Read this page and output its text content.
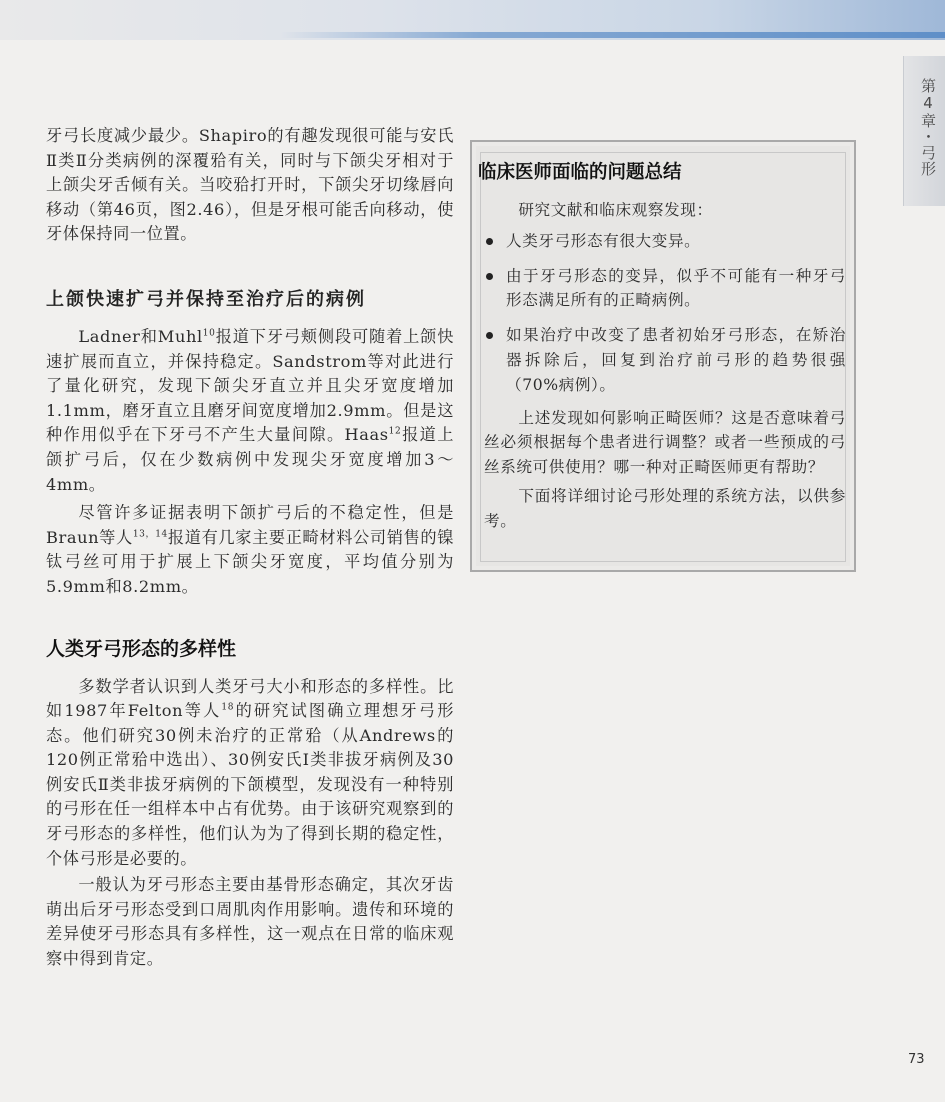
第4章・弓形

牙弓长度减少最少。Shapiro的有趣发现很可能与安氏Ⅱ类Ⅱ分类病例的深覆𬌗有关，同时与下颌尖牙相对于上颌尖牙舌倾有关。当咬𬌗打开时，下颌尖牙切缘唇向移动（第46页，图2.46），但是牙根可能舌向移动，使牙体保持同一位置。

上颌快速扩弓并保持至治疗后的病例

Ladner和Muhl$^{10}$报道下牙弓颊侧段可随着上颌快速扩展而直立，并保持稳定。Sandstrom等对此进行了量化研究，发现下颌尖牙直立并且尖牙宽度增加1.1mm，磨牙直立且磨牙间宽度增加2.9mm。但是这种作用似乎在下牙弓不产生大量间隙。Haas$^{12}$报道上颌扩弓后，仅在少数病例中发现尖牙宽度增加3～4mm。

尽管许多证据表明下颌扩弓后的不稳定性，但是Braun等人$^{13,14}$报道有几家主要正畸材料公司销售的镍钛弓丝可用于扩展上下颌尖牙宽度，平均值分别为5.9mm和8.2mm。

人类牙弓形态的多样性

多数学者认识到人类牙弓大小和形态的多样性。比如1987年Felton等人$^{18}$的研究试图确立理想牙弓形态。他们研究30例未治疗的正常𬌗（从Andrews的120例正常𬌗中选出）、30例安氏Ⅰ类非拔牙病例及30例安氏Ⅱ类非拔牙病例的下颌模型，发现没有一种特别的弓形在任一组样本中占有优势。由于该研究观察到的牙弓形态的多样性，他们认为为了得到长期的稳定性，个体弓形是必要的。

一般认为牙弓形态主要由基骨形态确定，其次牙齿萌出后牙弓形态受到口周肌肉作用影响。遗传和环境的差异使牙弓形态具有多样性，这一观点在日常的临床观察中得到肯定。

临床医师面临的问题总结

研究文献和临床观察发现：

人类牙弓形态有很大变异。

由于牙弓形态的变异，似乎不可能有一种牙弓形态满足所有的正畸病例。

如果治疗中改变了患者初始牙弓形态，在矫治器拆除后，回复到治疗前弓形的趋势很强（70%病例）。

上述发现如何影响正畸医师？这是否意味着弓丝必须根据每个患者进行调整？或者一些预成的弓丝系统可供使用？哪一种对正畸医师更有帮助？

下面将详细讨论弓形处理的系统方法，以供参考。

73
